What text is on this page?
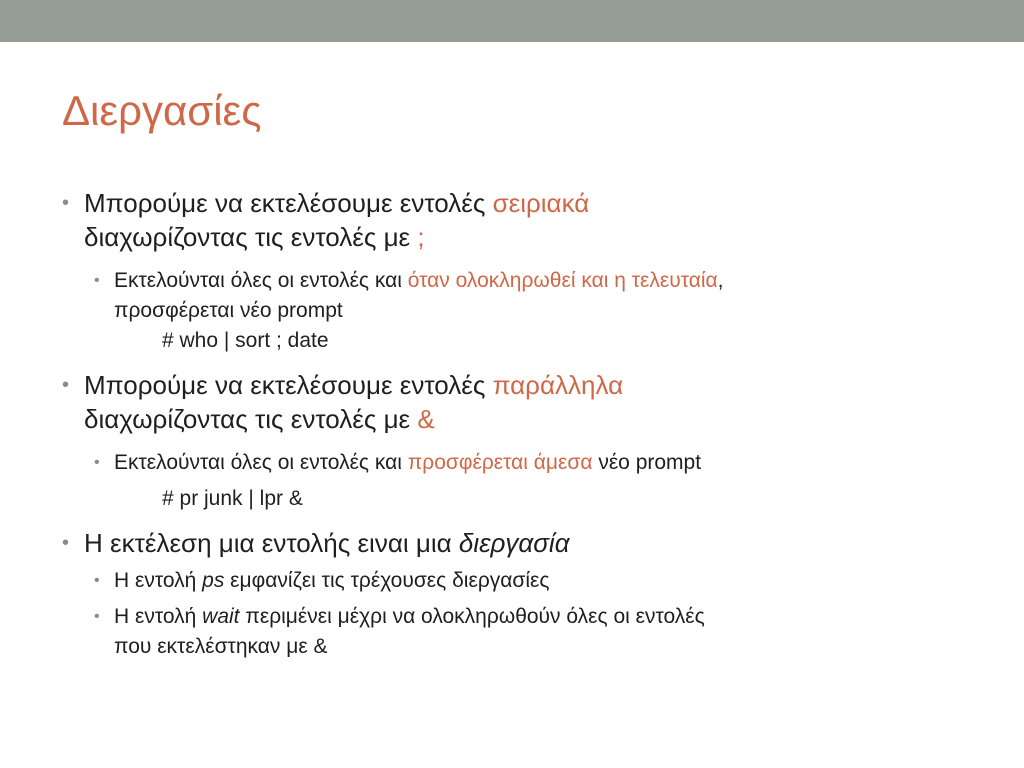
Διεργασίες
• Μπορούμε να εκτελέσουμε εντολές σειριακά
διαχωρίζοντας τις εντολές με ;
• Εκτελούνται όλες οι εντολές και όταν ολοκληρωθεί και η τελευταία,
προσφέρεται νέο prompt
# who | sort ; date
• Μπορούμε να εκτελέσουμε εντολές παράλληλα
διαχωρίζοντας τις εντολές με &
• Εκτελούνται όλες οι εντολές και προσφέρεται άμεσα νέο prompt
# pr junk | lpr &
• Η εκτέλεση μια εντολής ειναι μια διεργασία
• Η εντολή ps εμφανίζει τις τρέχουσες διεργασίες
• Η εντολή wait περιμένει μέχρι να ολοκληρωθούν όλες οι εντολές
που εκτελέστηκαν με &
